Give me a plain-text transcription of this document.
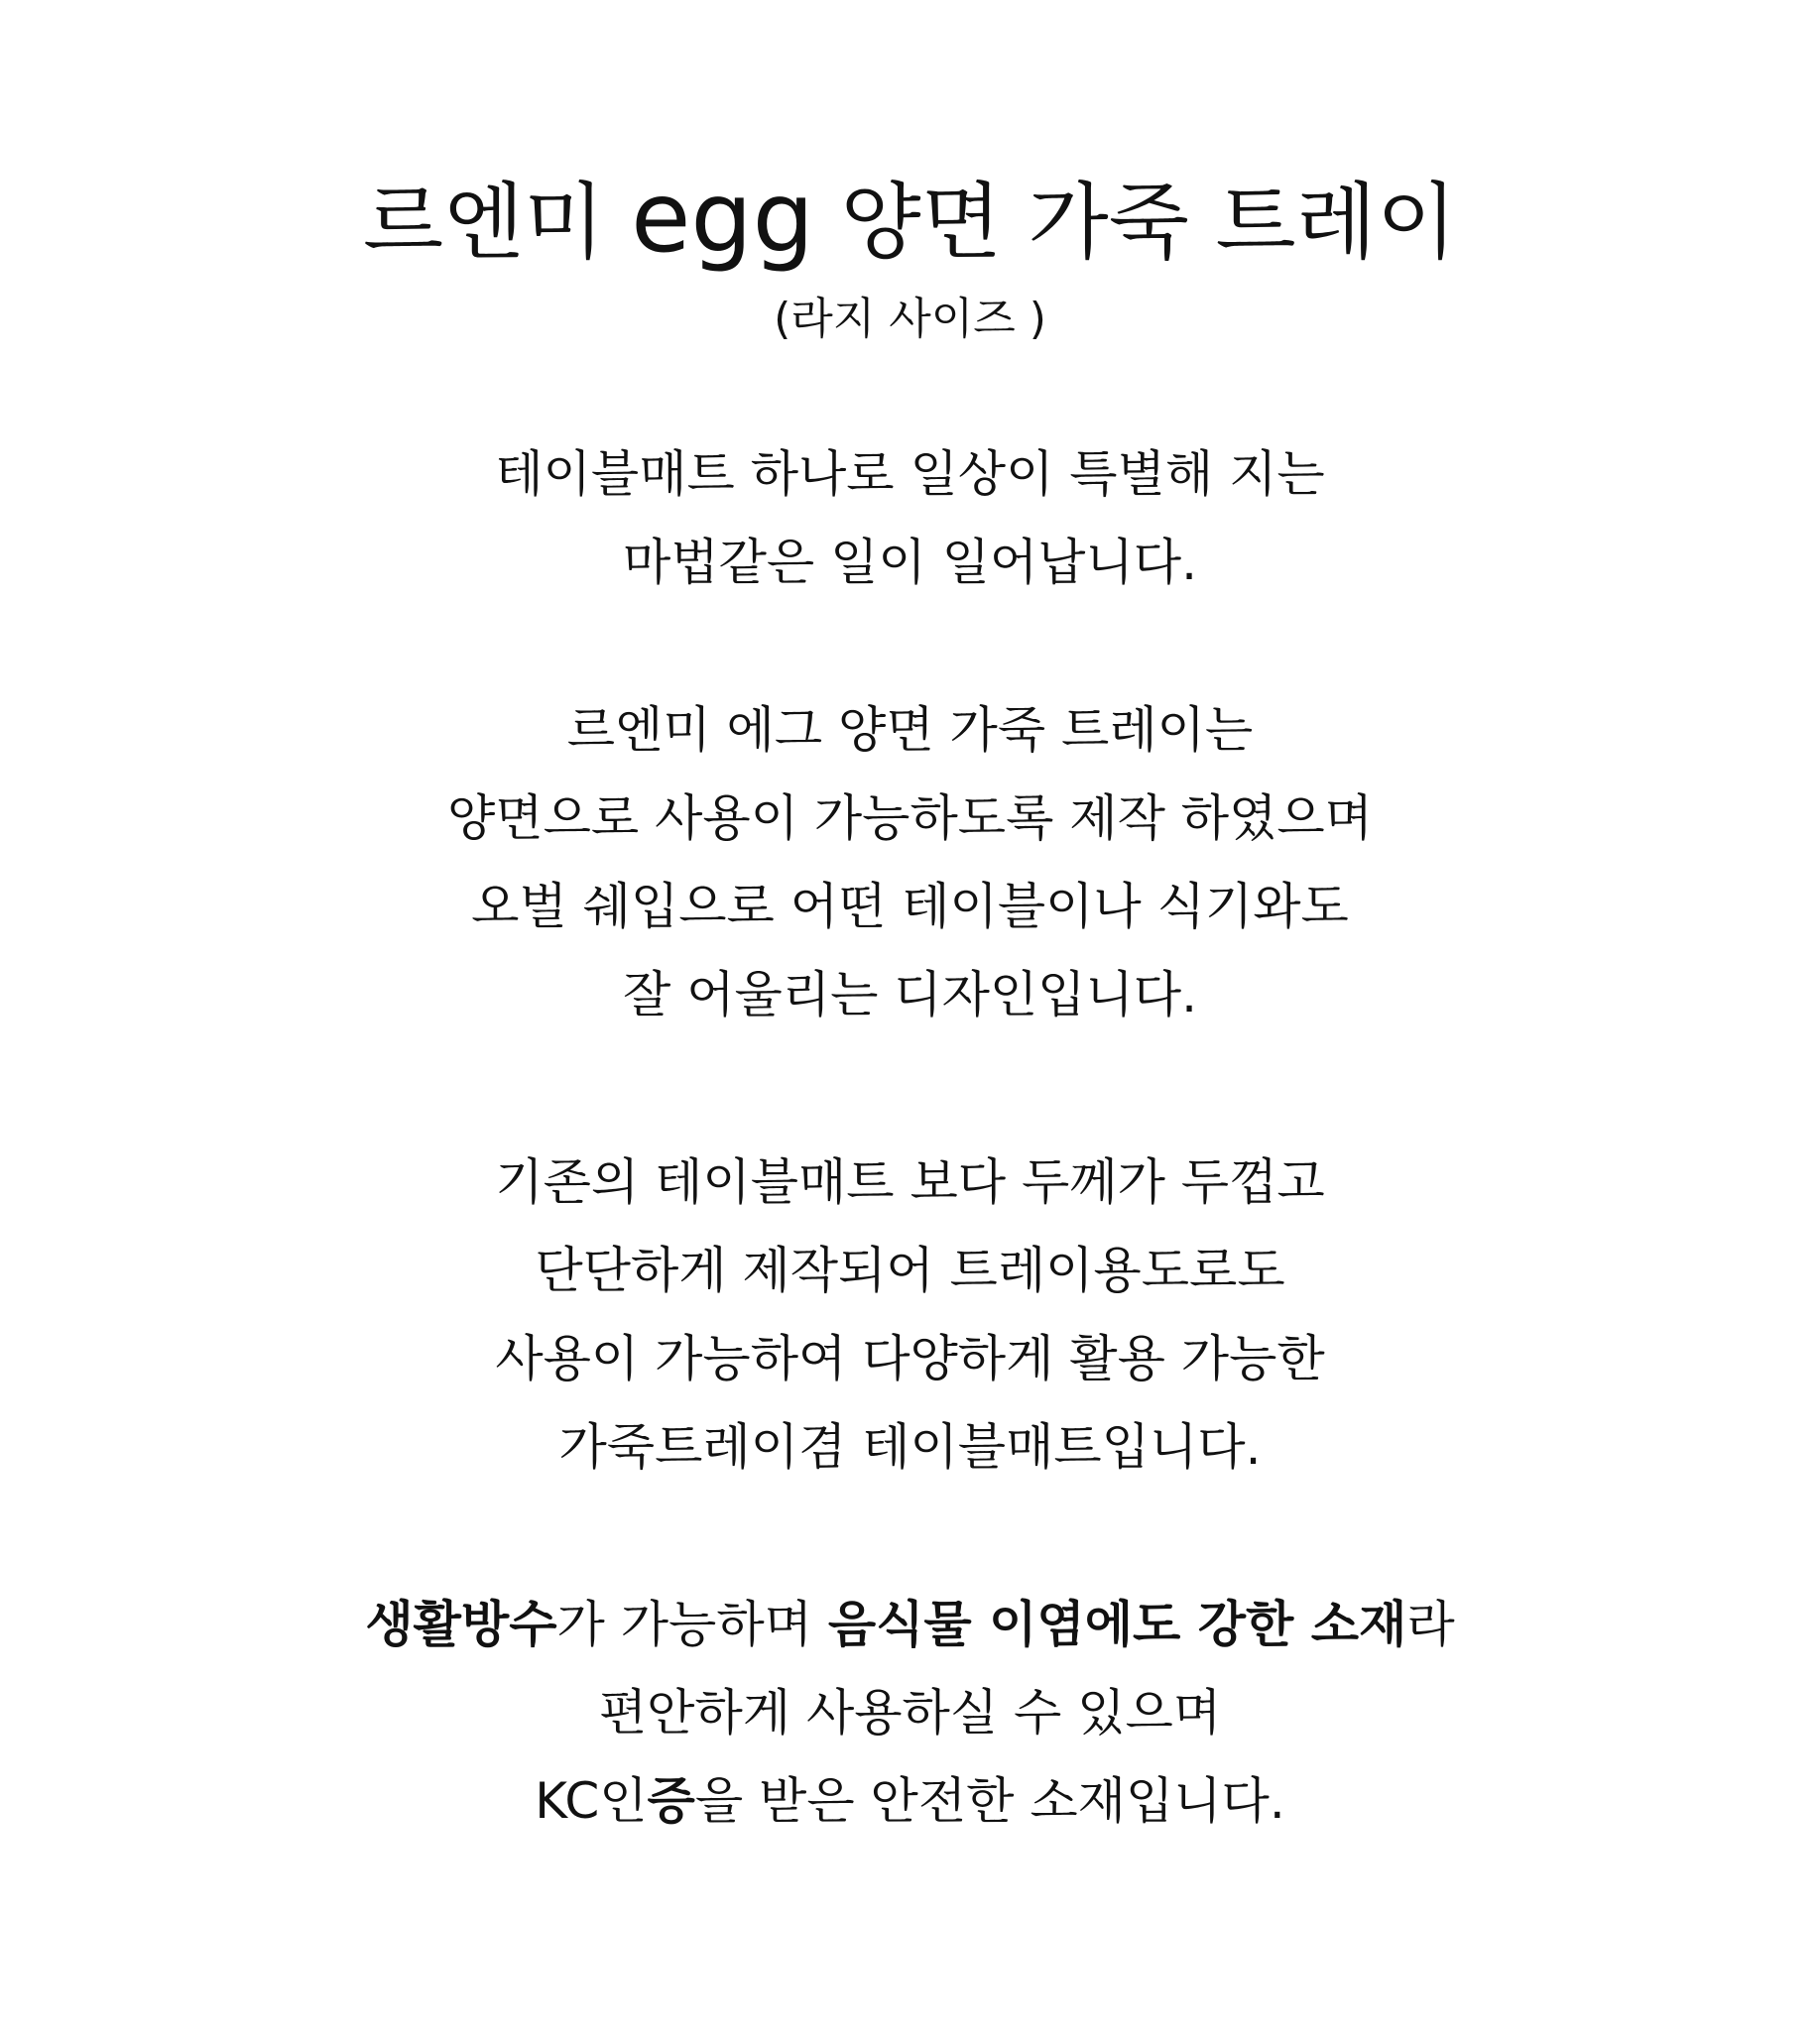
르엔미 egg 양면 가죽 트레이
(라지 사이즈 )
테이블매트 하나로 일상이 특별해 지는
마법같은 일이 일어납니다.
르엔미 에그 양면 가죽 트레이는
양면으로 사용이 가능하도록 제작 하였으며
오벌 쉐입으로 어떤 테이블이나 식기와도
잘 어울리는 디자인입니다.
기존의 테이블매트 보다 두께가 두껍고
단단하게 제작되어 트레이용도로도
사용이 가능하여 다양하게 활용 가능한
가죽트레이겸 테이블매트입니다.
생활방수가 가능하며 음식물 이염에도 강한 소재라
편안하게 사용하실 수 있으며
KC인증을 받은 안전한 소재입니다.
